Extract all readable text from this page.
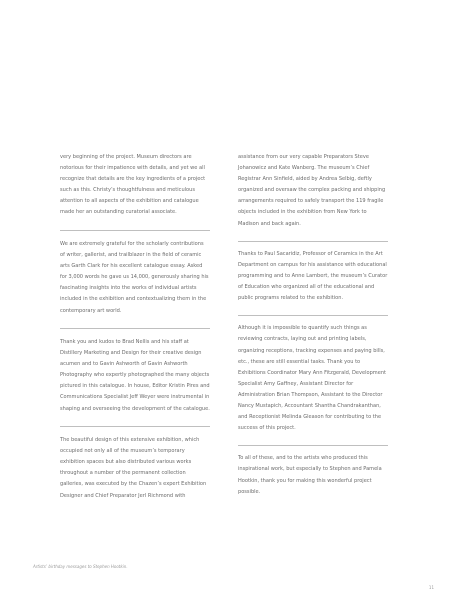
very beginning of the project. Museum directors are notorious for their impatience with details, and yet we all recognize that details are the key ingredients of a project such as this. Christy’s thoughtfulness and meticulous attention to all aspects of the exhibition and catalogue made her an outstanding curatorial associate.

We are extremely grateful for the scholarly contributions of writer, gallerist, and trailblazer in the field of ceramic arts Garth Clark for his excellent catalogue essay. Asked for 3,000 words he gave us 14,000, generously sharing his fascinating insights into the works of individual artists included in the exhibition and contextualizing them in the contemporary art world.

Thank you and kudos to Brad Nellis and his staff at Distillery Marketing and Design for their creative design acumen and to Gavin Ashworth of Gavin Ashworth Photography who expertly photographed the many objects pictured in this catalogue. In house, Editor Kristin Pires and Communications Specialist Jeff Weyer were instrumental in shaping and overseeing the development of the catalogue.

The beautiful design of this extensive exhibition, which occupied not only all of the museum’s temporary exhibition spaces but also distributed various works throughout a number of the permanent collection galleries, was executed by the Chazen’s expert Exhibition Designer and Chief Preparator Jerl Richmond with

assistance from our very capable Preparators Steve Johanowicz and Kate Wanberg. The museum’s Chief Registrar Ann Sinfield, aided by Andrea Selbig, deftly organized and oversaw the complex packing and shipping arrangements required to safely transport the 119 fragile objects included in the exhibition from New York to Madison and back again.

Thanks to Paul Sacaridiz, Professor of Ceramics in the Art Department on campus for his assistance with educational programming and to Anne Lambert, the museum’s Curator of Education who organized all of the educational and public programs related to the exhibition.

Although it is impossible to quantify such things as reviewing contracts, laying out and printing labels, organizing receptions, tracking expenses and paying bills, etc., these are still essential tasks. Thank you to Exhibitions Coordinator Mary Ann Fitzgerald, Development Specialist Amy Gaffney, Assistant Director for Administration Brian Thompson, Assistant to the Director Nancy Mustapich, Accountant Shantha Chandrakanthan, and Receptionist Melinda Gleason for contributing to the success of this project.

To all of these, and to the artists who produced this inspirational work, but especially to Stephen and Pamela Hootkin, thank you for making this wonderful project possible.

Artists’ birthday messages to Stephen Hootkin.
11
